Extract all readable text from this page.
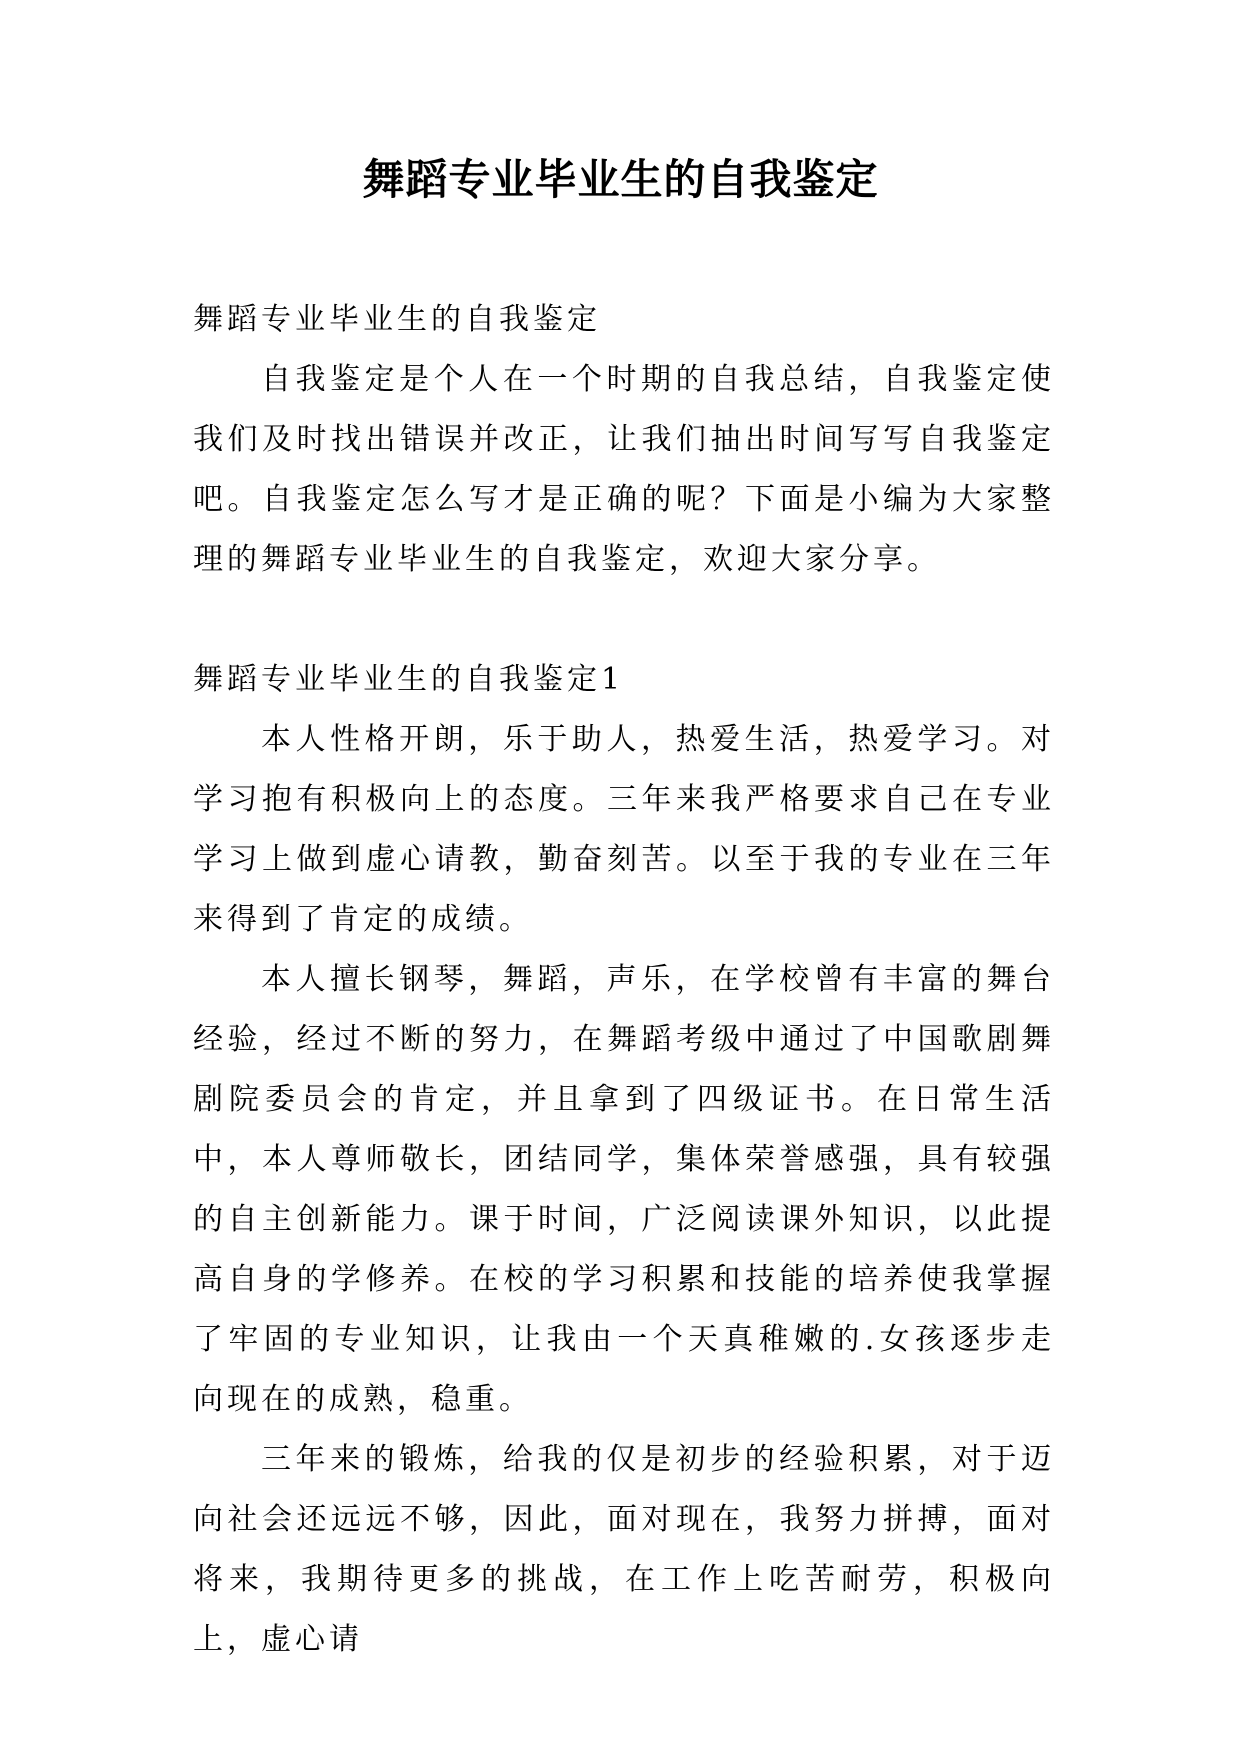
舞蹈专业毕业生的自我鉴定

舞蹈专业毕业生的自我鉴定

自我鉴定是个人在一个时期的自我总结，自我鉴定使我们及时找出错误并改正，让我们抽出时间写写自我鉴定吧。自我鉴定怎么写才是正确的呢？下面是小编为大家整理的舞蹈专业毕业生的自我鉴定，欢迎大家分享。

舞蹈专业毕业生的自我鉴定1

本人性格开朗，乐于助人，热爱生活，热爱学习。对学习抱有积极向上的态度。三年来我严格要求自己在专业学习上做到虚心请教，勤奋刻苦。以至于我的专业在三年来得到了肯定的成绩。

本人擅长钢琴，舞蹈，声乐，在学校曾有丰富的舞台经验，经过不断的努力，在舞蹈考级中通过了中国歌剧舞剧院委员会的肯定，并且拿到了四级证书。在日常生活中，本人尊师敬长，团结同学，集体荣誉感强，具有较强的自主创新能力。课于时间，广泛阅读课外知识，以此提高自身的学修养。在校的学习积累和技能的培养使我掌握了牢固的专业知识，让我由一个天真稚嫩的.女孩逐步走向现在的成熟，稳重。

三年来的锻炼，给我的仅是初步的经验积累，对于迈向社会还远远不够，因此，面对现在，我努力拼搏，面对将来，我期待更多的挑战，在工作上吃苦耐劳，积极向上，虚心请
